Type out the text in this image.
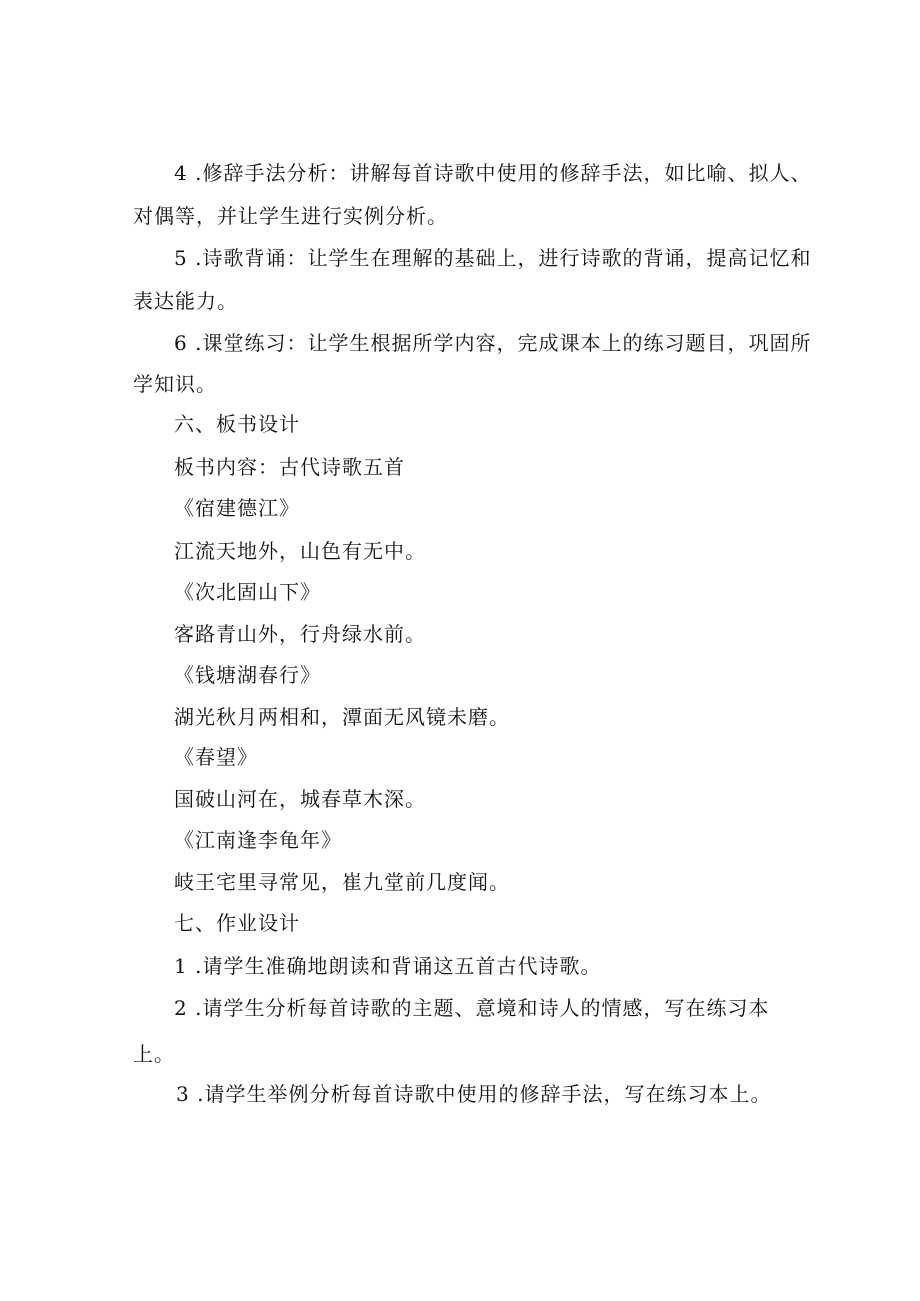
4 .修辞手法分析：讲解每首诗歌中使用的修辞手法，如比喻、拟人、
对偶等，并让学生进行实例分析。
5 .诗歌背诵：让学生在理解的基础上，进行诗歌的背诵，提高记忆和
表达能力。
6 .课堂练习：让学生根据所学内容，完成课本上的练习题目，巩固所
学知识。
六、板书设计
板书内容：古代诗歌五首
《宿建德江》
江流天地外，山色有无中。
《次北固山下》
客路青山外，行舟绿水前。
《钱塘湖春行》
湖光秋月两相和，潭面无风镜未磨。
《春望》
国破山河在，城春草木深。
《江南逢李龟年》
岐王宅里寻常见，崔九堂前几度闻。
七、作业设计
1 .请学生准确地朗读和背诵这五首古代诗歌。
2 .请学生分析每首诗歌的主题、意境和诗人的情感，写在练习本
上。
3 .请学生举例分析每首诗歌中使用的修辞手法，写在练习本上。
